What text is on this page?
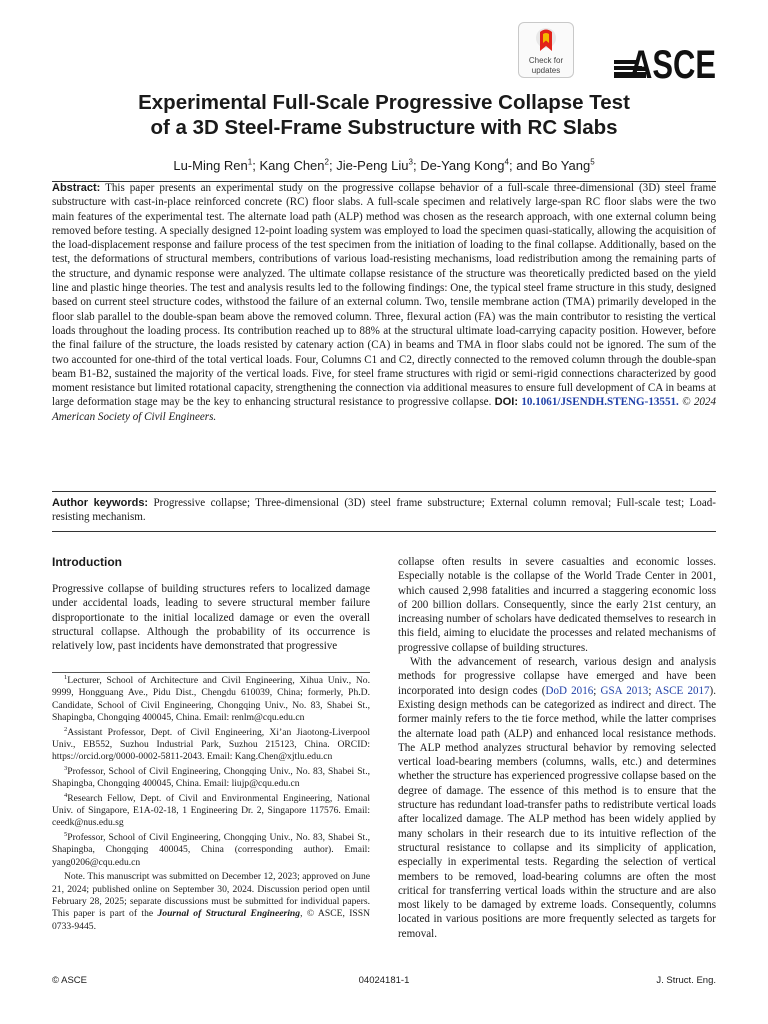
Check for
updates	ASCE
Experimental Full-Scale Progressive Collapse Test
of a 3D Steel-Frame Substructure with RC Slabs
Lu-Ming Ren$^1$; Kang Chen$^2$; Jie-Peng Liu$^3$; De-Yang Kong$^4$; and Bo Yang$^5$
Abstract: This paper presents an experimental study on the progressive collapse behavior of a full-scale three-dimensional (3D) steel frame substructure with cast-in-place reinforced concrete (RC) floor slabs. A full-scale specimen and relatively large-span RC floor slabs were the two main features of the experimental test. The alternate load path (ALP) method was chosen as the research approach, with one external column being removed before testing. A specially designed 12-point loading system was employed to load the specimen quasi-statically, allowing the acquisition of the load-displacement response and failure process of the test specimen from the initiation of loading to the final collapse. Additionally, based on the test, the deformations of structural members, contributions of various load-resisting mechanisms, load redistribution among the remaining parts of the structure, and dynamic response were analyzed. The ultimate collapse resistance of the structure was theoretically predicted based on the yield line and plastic hinge theories. The test and analysis results led to the following findings: One, the typical steel frame structure in this study, designed based on current steel structure codes, withstood the failure of an external column. Two, tensile membrane action (TMA) primarily developed in the floor slab parallel to the double-span beam above the removed column. Three, flexural action (FA) was the main contributor to resisting the vertical loads throughout the loading process. Its contribution reached up to 88% at the structural ultimate load-carrying capacity position. However, before the final failure of the structure, the loads resisted by catenary action (CA) in beams and TMA in floor slabs could not be ignored. The sum of the two accounted for one-third of the total vertical loads. Four, Columns C1 and C2, directly connected to the removed column through the double-span beam B1-B2, sustained the majority of the vertical loads. Five, for steel frame structures with rigid or semi-rigid connections characterized by good moment resistance but limited rotational capacity, strengthening the connection via additional measures to ensure full development of CA in beams at large deformation stage may be the key to enhancing structural resistance to progressive collapse. DOI: 10.1061/JSENDH.STENG-13551. © 2024 American Society of Civil Engineers.
Author keywords: Progressive collapse; Three-dimensional (3D) steel frame substructure; External column removal; Full-scale test; Load-resisting mechanism.
Introduction
Progressive collapse of building structures refers to localized damage under accidental loads, leading to severe structural member failure disproportionate to the initial localized damage or even the overall structural collapse. Although the probability of its occurrence is relatively low, past incidents have demonstrated that progressive
$^1$Lecturer, School of Architecture and Civil Engineering, Xihua Univ., No. 9999, Hongguang Ave., Pidu Dist., Chengdu 610039, China; formerly, Ph.D. Candidate, School of Civil Engineering, Chongqing Univ., No. 83, Shabei St., Shapingba, Chongqing 400045, China. Email: renlm@cqu.edu.cn
$^2$Assistant Professor, Dept. of Civil Engineering, Xi’an Jiaotong-Liverpool Univ., EB552, Suzhou Industrial Park, Suzhou 215123, China. ORCID: https://orcid.org/0000-0002-5811-2043. Email: Kang.Chen@xjtlu.edu.cn
$^3$Professor, School of Civil Engineering, Chongqing Univ., No. 83, Shabei St., Shapingba, Chongqing 400045, China. Email: liujp@cqu.edu.cn
$^4$Research Fellow, Dept. of Civil and Environmental Engineering, National Univ. of Singapore, E1A-02-18, 1 Engineering Dr. 2, Singapore 117576. Email: ceedk@nus.edu.sg
$^5$Professor, School of Civil Engineering, Chongqing Univ., No. 83, Shabei St., Shapingba, Chongqing 400045, China (corresponding author). Email: yang0206@cqu.edu.cn
Note. This manuscript was submitted on December 12, 2023; approved on June 21, 2024; published online on September 30, 2024. Discussion period open until February 28, 2025; separate discussions must be submitted for individual papers. This paper is part of the Journal of Structural Engineering, © ASCE, ISSN 0733-9445.
collapse often results in severe casualties and economic losses. Especially notable is the collapse of the World Trade Center in 2001, which caused 2,998 fatalities and incurred a staggering economic loss of 200 billion dollars. Consequently, since the early 21st century, an increasing number of scholars have dedicated themselves to research in this field, aiming to elucidate the processes and related mechanisms of progressive collapse of building structures.
With the advancement of research, various design and analysis methods for progressive collapse have emerged and have been incorporated into design codes (DoD 2016; GSA 2013; ASCE 2017). Existing design methods can be categorized as indirect and direct. The former mainly refers to the tie force method, while the latter comprises the alternate load path (ALP) and enhanced local resistance methods. The ALP method analyzes structural behavior by removing selected vertical load-bearing members (columns, walls, etc.) and determines whether the structure has experienced progressive collapse based on the degree of damage. The essence of this method is to ensure that the structure has redundant load-transfer paths to redistribute vertical loads after localized damage. The ALP method has been widely applied by many scholars in their research due to its intuitive reflection of the structural resistance to collapse and its simplicity of application, especially in experimental tests. Regarding the selection of vertical members to be removed, load-bearing columns are often the most critical for transferring vertical loads within the structure and are also most likely to be damaged by extreme loads. Consequently, columns located in various positions are more frequently selected as targets for removal.
© ASCE	04024181-1	J. Struct. Eng.
